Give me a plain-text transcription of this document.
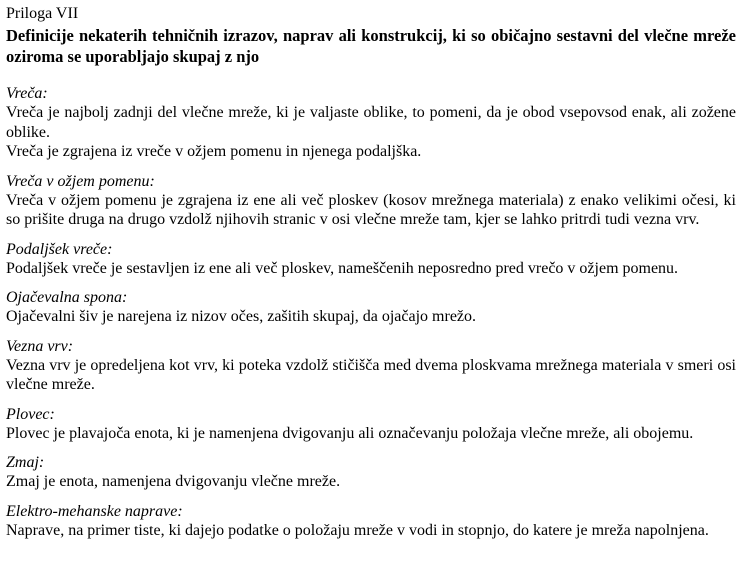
Priloga VII

Definicije nekaterih tehničnih izrazov, naprav ali konstrukcij, ki so običajno sestavni del vlečne mreže oziroma se uporabljajo skupaj z njo

Vreča:

Vreča je najbolj zadnji del vlečne mreže, ki je valjaste oblike, to pomeni, da je obod vsepovsod enak, ali zožene oblike.

Vreča je zgrajena iz vreče v ožjem pomenu in njenega podaljška.

Vreča v ožjem pomenu:

Vreča v ožjem pomenu je zgrajena iz ene ali več ploskev (kosov mrežnega materiala) z enako velikimi očesi, ki so prišite druga na drugo vzdolž njihovih stranic v osi vlečne mreže tam, kjer se lahko pritrdi tudi vezna vrv.

Podaljšek vreče:

Podaljšek vreče je sestavljen iz ene ali več ploskev, nameščenih neposredno pred vrečo v ožjem pomenu.

Ojačevalna spona:

Ojačevalni šiv je narejena iz nizov očes, zašitih skupaj, da ojačajo mrežo.

Vezna vrv:

Vezna vrv je opredeljena kot vrv, ki poteka vzdolž stičišča med dvema ploskvama mrežnega materiala v smeri osi vlečne mreže.

Plovec:

Plovec je plavajoča enota, ki je namenjena dvigovanju ali označevanju položaja vlečne mreže, ali obojemu.

Zmaj:

Zmaj je enota, namenjena dvigovanju vlečne mreže.

Elektro-mehanske naprave:

Naprave, na primer tiste, ki dajejo podatke o položaju mreže v vodi in stopnjo, do katere je mreža napolnjena.
